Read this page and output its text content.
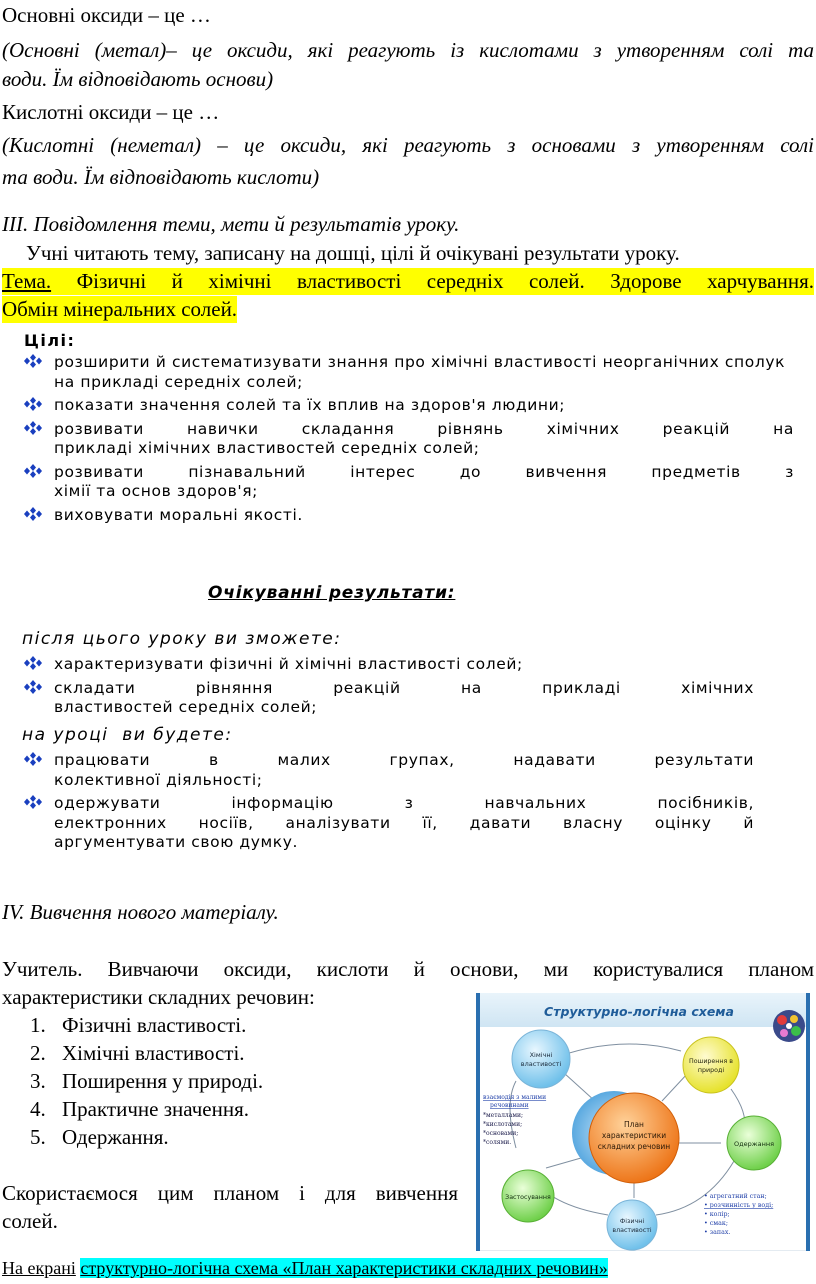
Основні оксиди – це …
(Основні (метал)– це оксиди, які реагують із кислотами з утворенням солі та
води. Їм відповідають основи)
Кислотні оксиди – це …
(Кислотні (неметал) – це оксиди, які реагують з основами з утворенням солі
та води. Їм відповідають кислоти)
ІІІ. Повідомлення теми, мети й результатів уроку.
Учні читають тему, записану на дошці, цілі й очікувані результати уроку.
Тема. Фізичні й хімічні властивості середніх солей. Здорове харчування.
Обмін мінеральних солей.
Цілі:
розширити й систематизувати знання про хімічні властивості неорганічних сполук на прикладі середніх солей;
показати значення солей та їх вплив на здоров'я людини;
розвивати навички складання рівнянь хімічних реакцій на
прикладі хімічних властивостей середніх солей;
розвивати пізнавальний інтерес до вивчення предметів з
хімії та основ здоров'я;
виховувати моральні якості.
Очікуванні результати:
після цього уроку ви зможете:
характеризувати фізичні й хімічні властивості солей;
складати рівняння реакцій на прикладі хімічних
властивостей середніх солей;
на уроці  ви будете:
працювати в малих групах, надавати результати
колективної діяльності;
одержувати інформацію з навчальних посібників,
електронних носіїв, аналізувати її, давати власну оцінку й
аргументувати свою думку.
IV. Вивчення нового матеріалу.
Учитель. Вивчаючи оксиди, кислоти й основи, ми користувалися планом
характеристики складних речовин:
1. Фізичні властивості.
2. Хімічні властивості.
3. Поширення у природі.
4. Практичне значення.
5. Одержання.
Скористаємося цим планом і для вивчення
солей.
На екрані структурно-логічна схема «План характеристики складних речовин»
Структурно-логічна схема
План
характеристики
складних речовин
Хімічні
властивості	Поширення в
природі
Одержання
Застосування
Фізичні
властивості
взаємодія з малими
речовинами
*металлами;
*кислотами;
*основами;
*солями.
• агрегатний стан;
• розчинність у воді;
• колір;
• смак;
• запах.
